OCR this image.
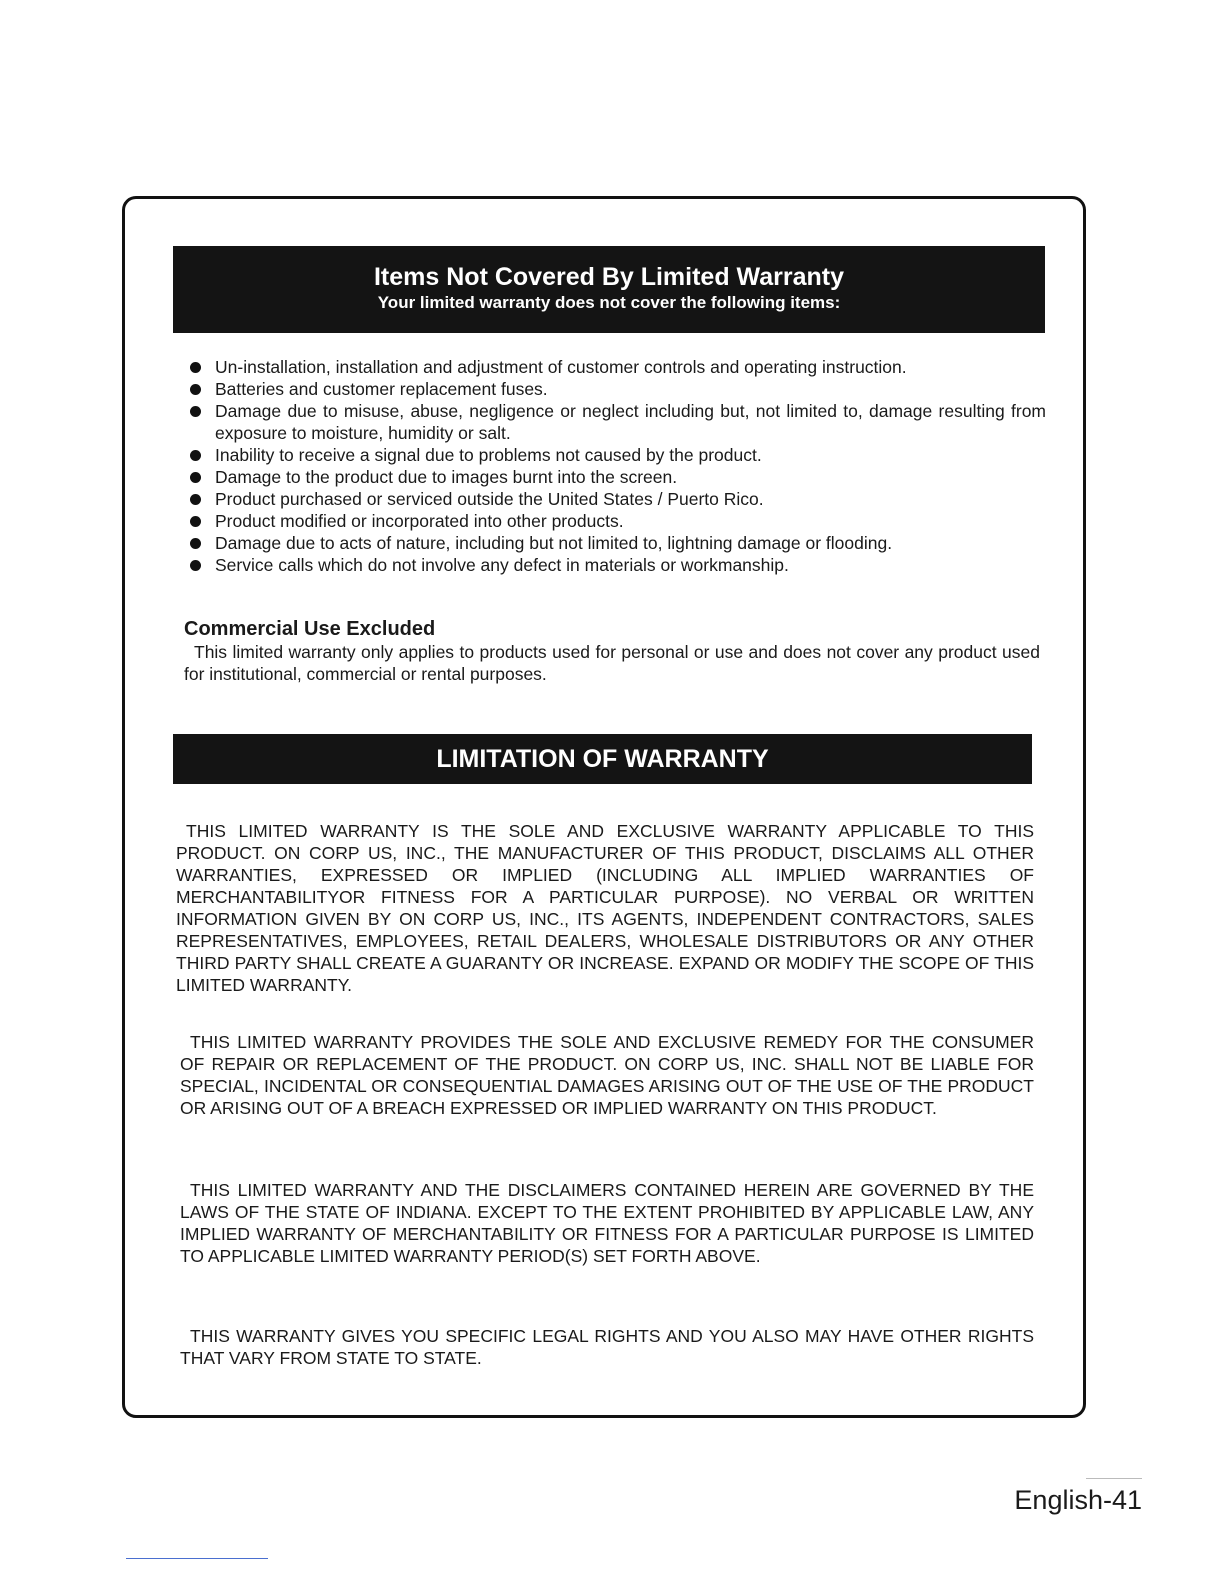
Items Not Covered By Limited Warranty
Your limited warranty does not cover the following items:
Un-installation, installation and adjustment of customer controls and operating instruction.
Batteries and customer replacement fuses.
Damage due to misuse, abuse, negligence or neglect including but, not limited to, damage resulting from exposure to moisture, humidity or salt.
Inability to receive a signal due to problems not caused by the product.
Damage to the product due to images burnt into the screen.
Product purchased or serviced outside the United States / Puerto Rico.
Product modified or incorporated into other products.
Damage due to acts of nature, including but not limited to, lightning damage or flooding.
Service calls which do not involve any defect in materials or workmanship.
Commercial Use Excluded
This limited warranty only applies to products used for personal or use and does not cover any product used for institutional, commercial or rental purposes.
LIMITATION OF WARRANTY
THIS LIMITED WARRANTY IS THE SOLE AND EXCLUSIVE WARRANTY APPLICABLE TO THIS PRODUCT. ON CORP US, INC., THE MANUFACTURER OF THIS PRODUCT, DISCLAIMS ALL OTHER WARRANTIES, EXPRESSED OR IMPLIED (INCLUDING ALL IMPLIED WARRANTIES OF MERCHANTABILITYOR FITNESS FOR A PARTICULAR PURPOSE). NO VERBAL OR WRITTEN INFORMATION GIVEN BY ON CORP US, INC., ITS AGENTS, INDEPENDENT CONTRACTORS, SALES REPRESENTATIVES, EMPLOYEES, RETAIL DEALERS, WHOLESALE DISTRIBUTORS OR ANY OTHER THIRD PARTY SHALL CREATE A GUARANTY OR INCREASE. EXPAND OR MODIFY THE SCOPE OF THIS LIMITED WARRANTY.
THIS LIMITED WARRANTY PROVIDES THE SOLE AND EXCLUSIVE REMEDY FOR THE CONSUMER OF REPAIR OR REPLACEMENT OF THE PRODUCT. ON CORP US, INC. SHALL NOT BE LIABLE FOR SPECIAL, INCIDENTAL OR CONSEQUENTIAL DAMAGES ARISING OUT OF THE USE OF THE PRODUCT OR ARISING OUT OF A BREACH EXPRESSED OR IMPLIED WARRANTY ON THIS PRODUCT.
THIS LIMITED WARRANTY AND THE DISCLAIMERS CONTAINED HEREIN ARE GOVERNED BY THE LAWS OF THE STATE OF INDIANA. EXCEPT TO THE EXTENT PROHIBITED BY APPLICABLE LAW, ANY IMPLIED WARRANTY OF MERCHANTABILITY OR FITNESS FOR A PARTICULAR PURPOSE IS LIMITED TO APPLICABLE LIMITED WARRANTY PERIOD(S) SET FORTH ABOVE.
THIS WARRANTY GIVES YOU SPECIFIC LEGAL RIGHTS AND YOU ALSO MAY HAVE OTHER RIGHTS THAT VARY FROM STATE TO STATE.
English-41
